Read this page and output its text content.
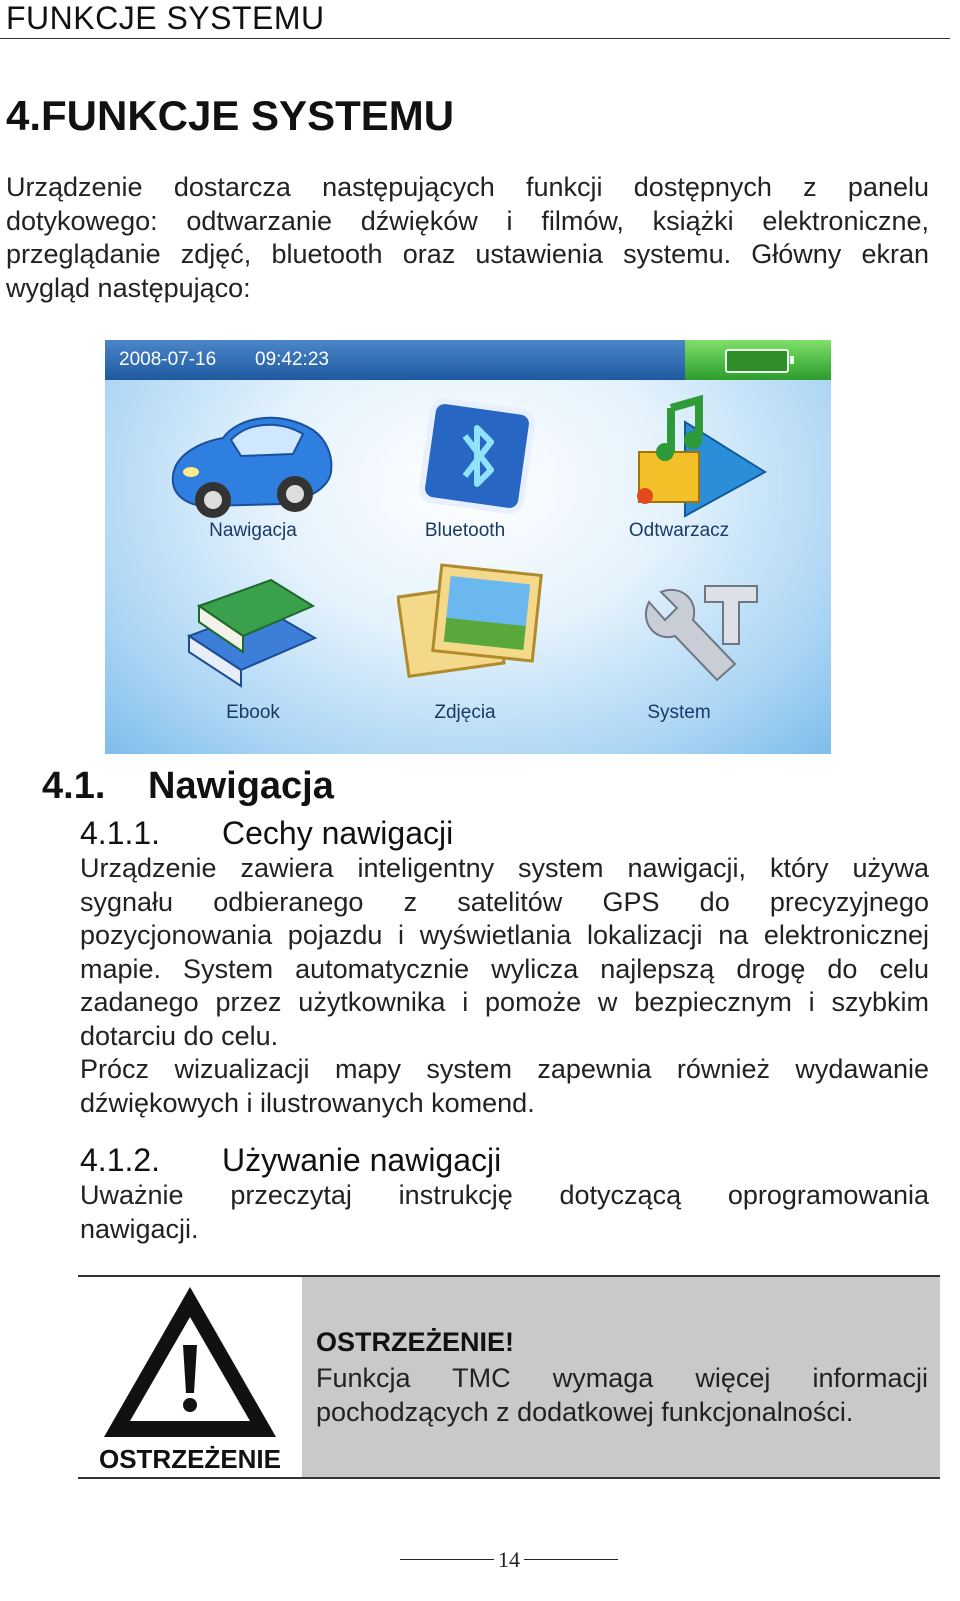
FUNKCJE SYSTEMU
4.FUNKCJE SYSTEMU
Urządzenie dostarcza następujących funkcji dostępnych z panelu
dotykowego: odtwarzanie dźwięków i filmów, książki elektroniczne,
przeglądanie zdjęć, bluetooth oraz ustawienia systemu. Główny ekran
wygląd następująco:
2008-07-16 09:42:23
Nawigacja	Bluetooth	Odtwarzacz
Ebook	Zdjęcia	System
4.1. Nawigacja
4.1.1. Cechy nawigacji
Urządzenie zawiera inteligentny system nawigacji, który używa
sygnału odbieranego z satelitów GPS do precyzyjnego
pozycjonowania pojazdu i wyświetlania lokalizacji na elektronicznej
mapie. System automatycznie wylicza najlepszą drogę do celu
zadanego przez użytkownika i pomoże w bezpiecznym i szybkim
dotarciu do celu.
Prócz wizualizacji mapy system zapewnia również wydawanie
dźwiękowych i ilustrowanych komend.
4.1.2. Używanie nawigacji
Uważnie przeczytaj instrukcję dotyczącą oprogramowania
nawigacji.
OSTRZEŻENIE
OSTRZEŻENIE!
Funkcja TMC wymaga więcej informacji
pochodzących z dodatkowej funkcjonalności.
14
